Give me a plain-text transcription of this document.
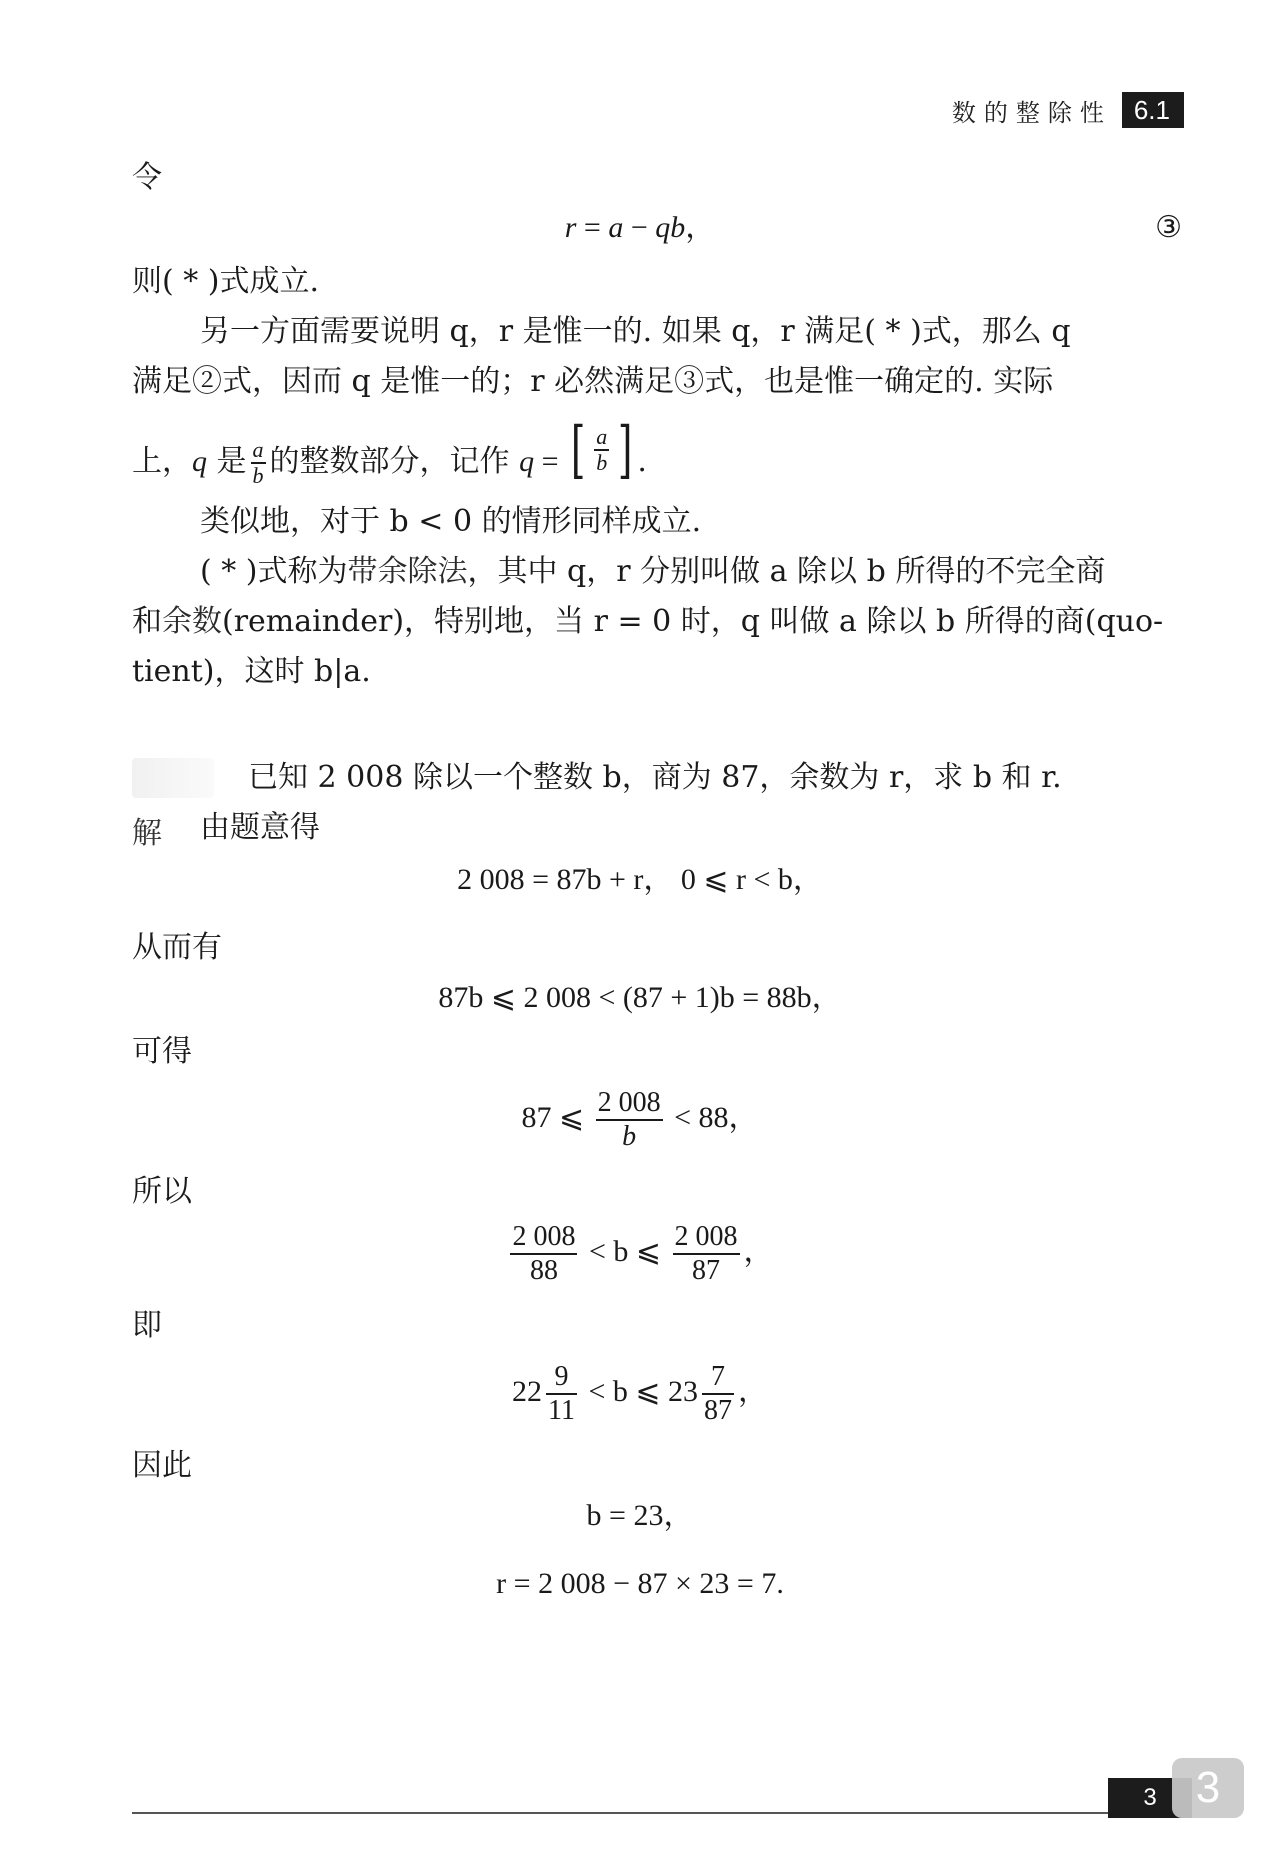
数的整除性 6.1
令
r = a − qb，	③
则( * )式成立.
另一方面需要说明 q，r 是惟一的. 如果 q，r 满足( * )式，那么 q
满足②式，因而 q 是惟一的；r 必然满足③式，也是惟一确定的. 实际
上，q 是 $\frac{a}{b}$ 的整数部分，记作 q = [ $\frac{a}{b}$ ] .
类似地，对于 b < 0 的情形同样成立.
( * )式称为带余除法，其中 q，r 分别叫做 a 除以 b 所得的不完全商
和余数(remainder)，特别地，当 r = 0 时，q 叫做 a 除以 b 所得的商(quo-
tient)，这时 b|a.
已知 2 008 除以一个整数 b，商为 87，余数为 r，求 b 和 r.
解 由题意得
2 008 = 87b + r， 0 ⩽ r < b，
从而有
87b ⩽ 2 008 < (87 + 1)b = 88b，
可得
87 ⩽ $\frac{2 008}{b} < 88$，
所以
$\frac{2 008}{88} < b$ ⩽ $\frac{2 008}{87}$ ，
即
$22 \frac{9}{11} < b$ ⩽ $23 \frac{7}{87}$ ，
因此
b = 23，
r = 2 008 − 87 × 23 = 7.
3 3
